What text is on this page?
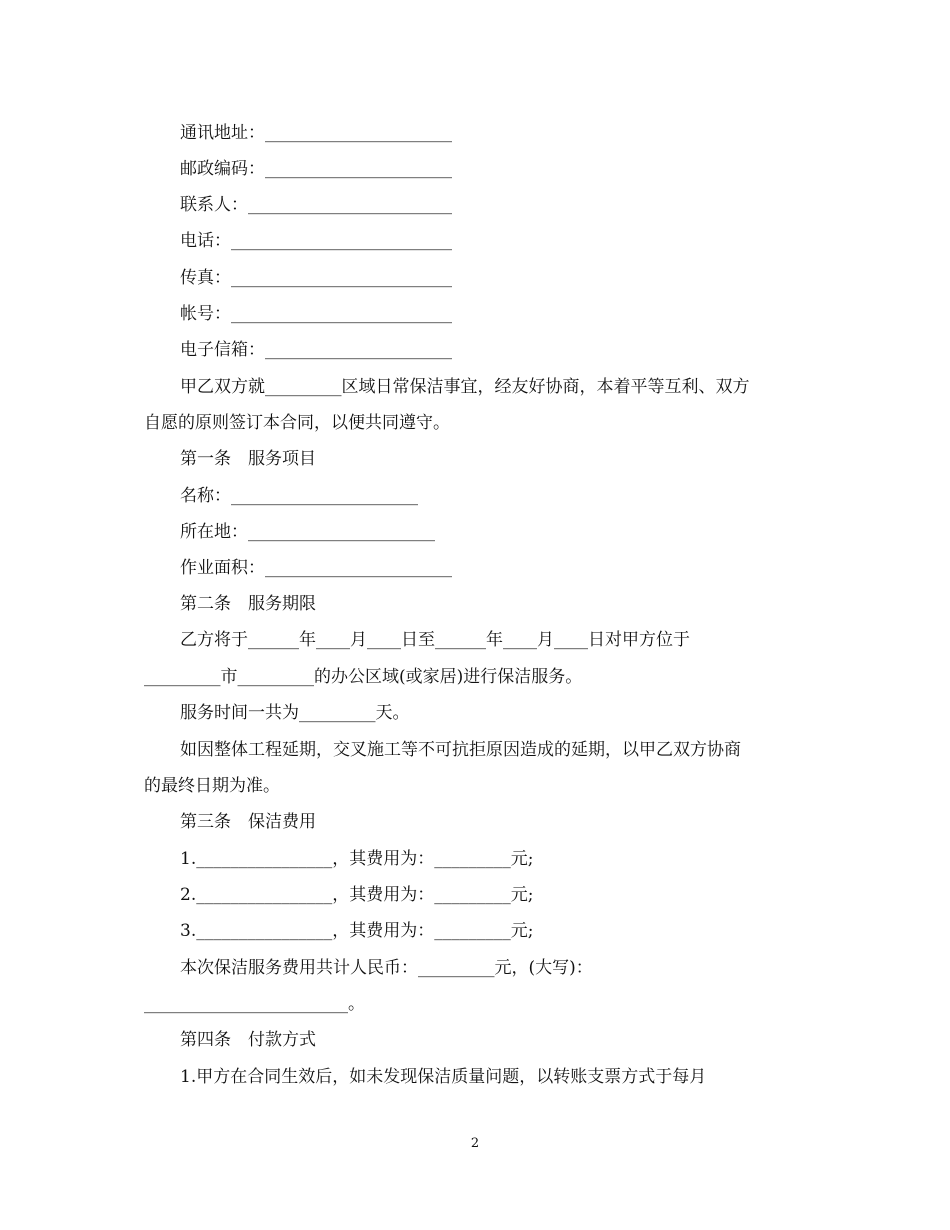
通讯地址：______________________
邮政编码：______________________
联系人：________________________
电话：__________________________
传真：__________________________
帐号：__________________________
电子信箱：______________________
甲乙双方就_________区域日常保洁事宜，经友好协商，本着平等互利、双方
自愿的原则签订本合同，以便共同遵守。
第一条　服务项目
名称：______________________
所在地：______________________
作业面积：______________________
第二条　服务期限
乙方将于______年____月____日至______年____月____日对甲方位于
_________市_________的办公区域(或家居)进行保洁服务。
服务时间一共为_________天。
如因整体工程延期，交叉施工等不可抗拒原因造成的延期，以甲乙双方协商
的最终日期为准。
第三条　保洁费用
1.________________，其费用为：_________元;
2.________________，其费用为：_________元;
3.________________，其费用为：_________元;
本次保洁服务费用共计人民币：_________元，(大写)：
________________________。
第四条　付款方式
1.甲方在合同生效后，如未发现保洁质量问题，以转账支票方式于每月
2
